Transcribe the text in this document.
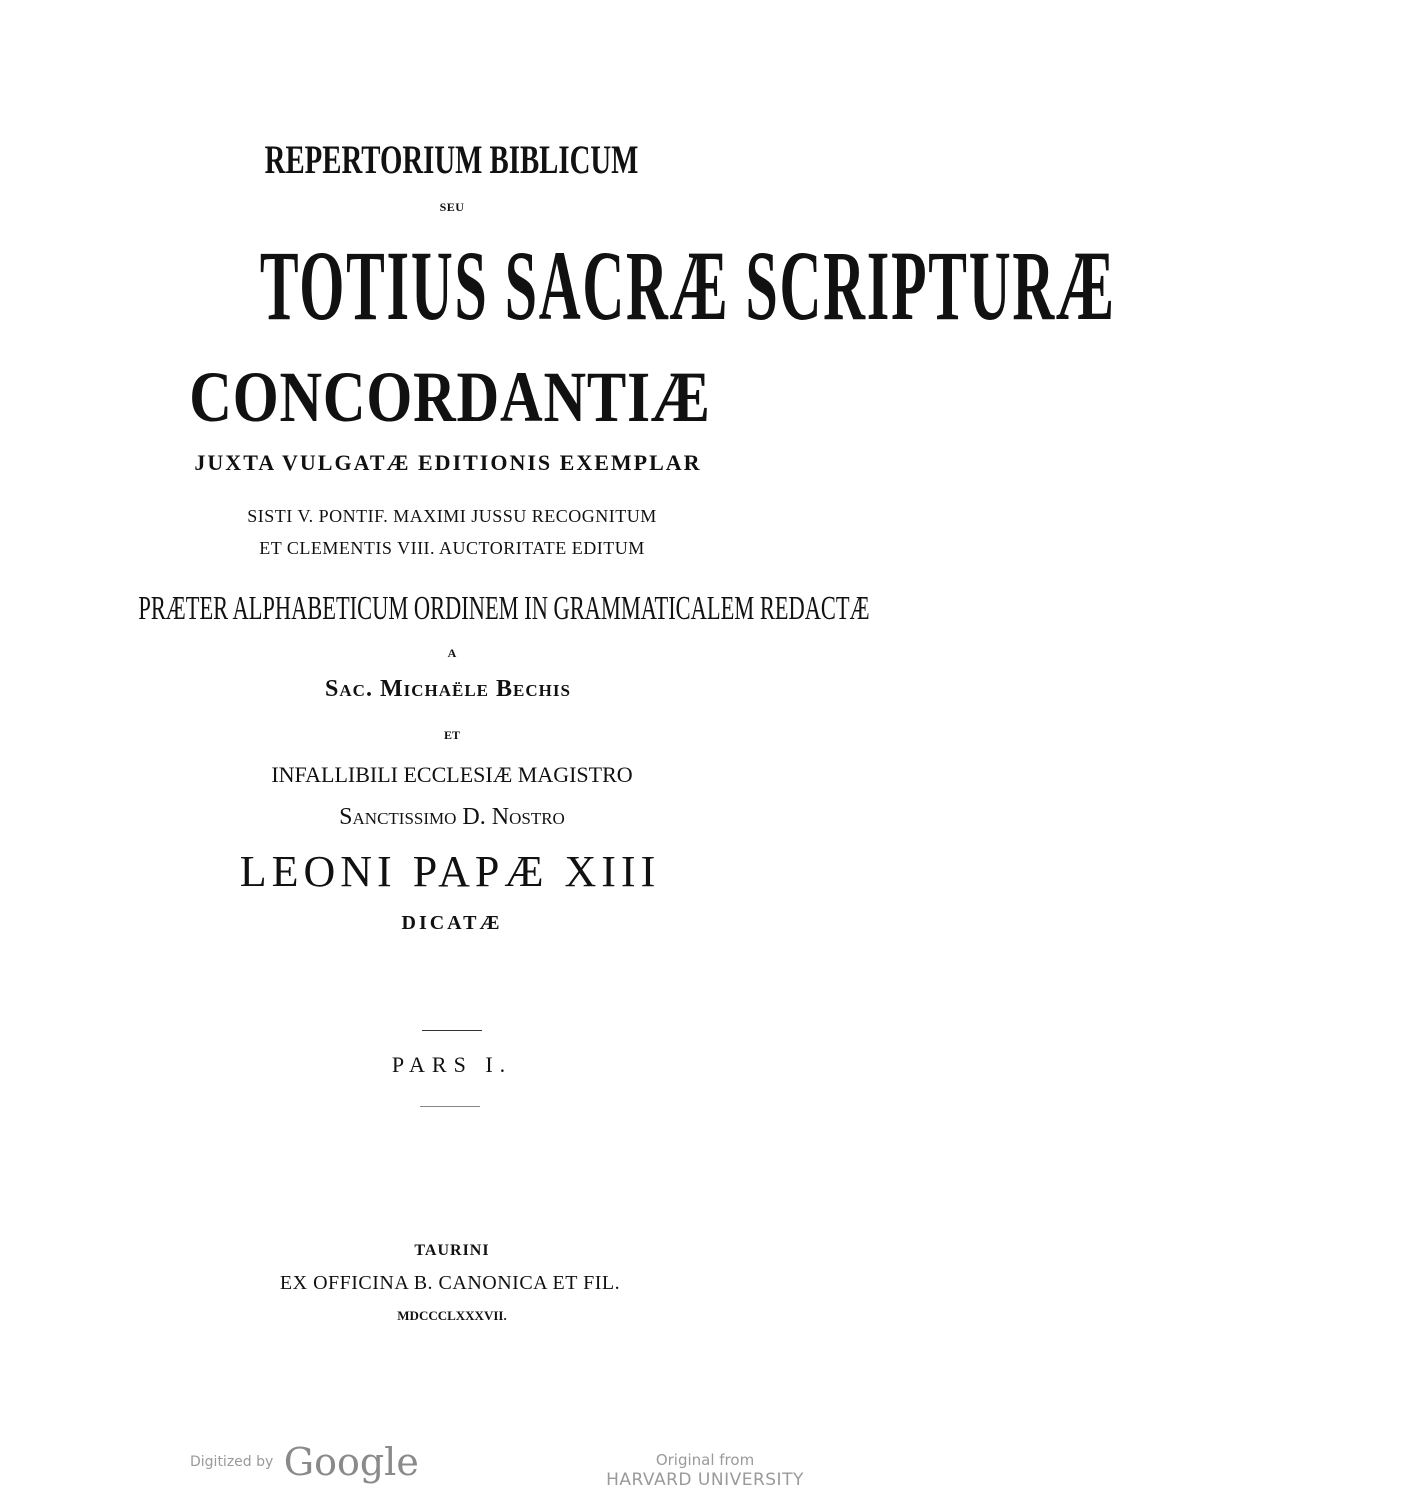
REPERTORIUM BIBLICUM
SEU
TOTIUS SACRÆ SCRIPTURÆ
CONCORDANTIÆ
JUXTA VULGATÆ EDITIONIS EXEMPLAR
SISTI V. PONTIF. MAXIMI JUSSU RECOGNITUM
ET CLEMENTIS VIII. AUCTORITATE EDITUM
PRÆTER ALPHABETICUM ORDINEM IN GRAMMATICALEM REDACTÆ
A
Sac. Michaële Bechis
ET
INFALLIBILI ECCLESIÆ MAGISTRO
Sanctissimo D. Nostro
LEONI PAPÆ XIII
DICATÆ
PARS I.
TAURINI
EX OFFICINA B. CANONICA ET FIL.
MDCCCLXXXVII.
Digitized by Google	Original from
HARVARD UNIVERSITY
